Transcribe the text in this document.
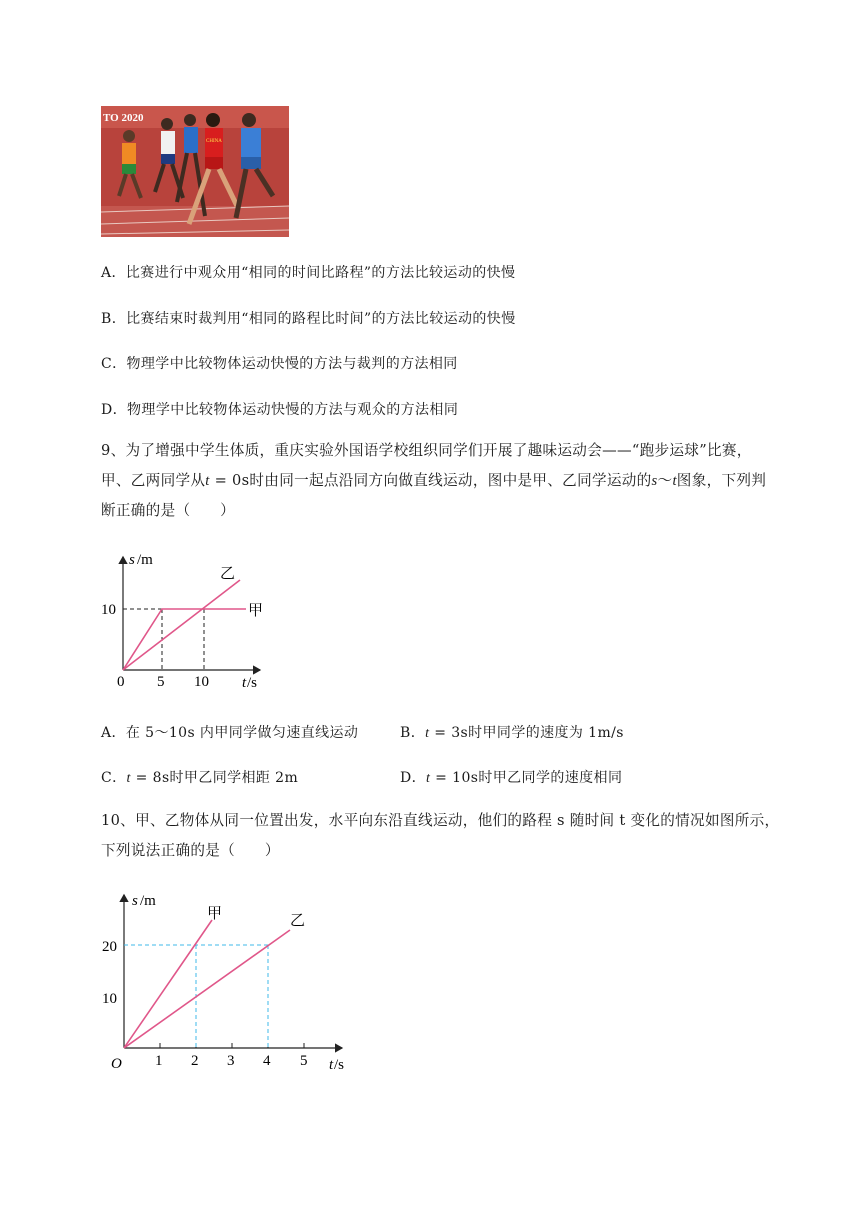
TO 2020
CHINA
A．比赛进行中观众用“相同的时间比路程”的方法比较运动的快慢
B．比赛结束时裁判用“相同的路程比时间”的方法比较运动的快慢
C．物理学中比较物体运动快慢的方法与裁判的方法相同
D．物理学中比较物体运动快慢的方法与观众的方法相同

9、为了增强中学生体质，重庆实验外国语学校组织同学们开展了趣味运动会——“跑步运球”比赛，

甲、乙两同学从t = 0s时由同一起点沿同方向做直线运动，图中是甲、乙同学运动的s～t图象，下列判

断正确的是（　　）

s /m
10
0 5 10 t /s
乙
甲
A．在 5～10s 内甲同学做匀速直线运动	B．t = 3s时甲同学的速度为 1m/s
C．t = 8s时甲乙同学相距 2m	D．t = 10s时甲乙同学的速度相同

10、甲、乙物体从同一位置出发，水平向东沿直线运动，他们的路程 s 随时间 t 变化的情况如图所示，

下列说法正确的是（　　）

s /m
20
10
O 1 2 3 4 5 t /s
甲	乙
